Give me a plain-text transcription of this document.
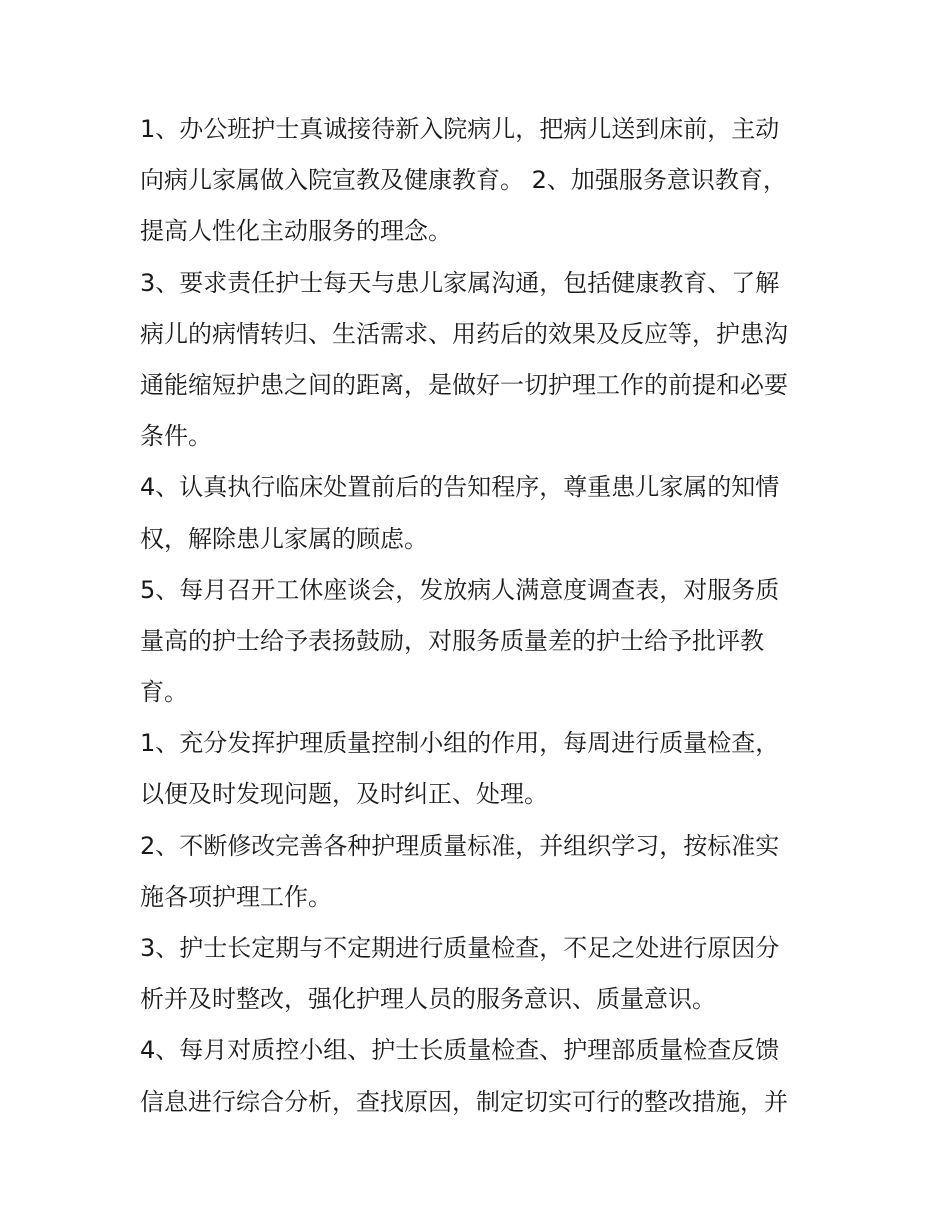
1、办公班护士真诚接待新入院病儿，把病儿送到床前，主动
向病儿家属做入院宣教及健康教育。 2、加强服务意识教育，
提高人性化主动服务的理念。

3、要求责任护士每天与患儿家属沟通，包括健康教育、了解
病儿的病情转归、生活需求、用药后的效果及反应等，护患沟
通能缩短护患之间的距离，是做好一切护理工作的前提和必要
条件。

4、认真执行临床处置前后的告知程序，尊重患儿家属的知情
权，解除患儿家属的顾虑。

5、每月召开工休座谈会，发放病人满意度调查表，对服务质
量高的护士给予表扬鼓励，对服务质量差的护士给予批评教
育。

1、充分发挥护理质量控制小组的作用，每周进行质量检查，
以便及时发现问题，及时纠正、处理。

2、不断修改完善各种护理质量标准，并组织学习，按标准实
施各项护理工作。

3、护士长定期与不定期进行质量检查，不足之处进行原因分
析并及时整改，强化护理人员的服务意识、质量意识。

4、每月对质控小组、护士长质量检查、护理部质量检查反馈
信息进行综合分析，查找原因，制定切实可行的整改措施，并
